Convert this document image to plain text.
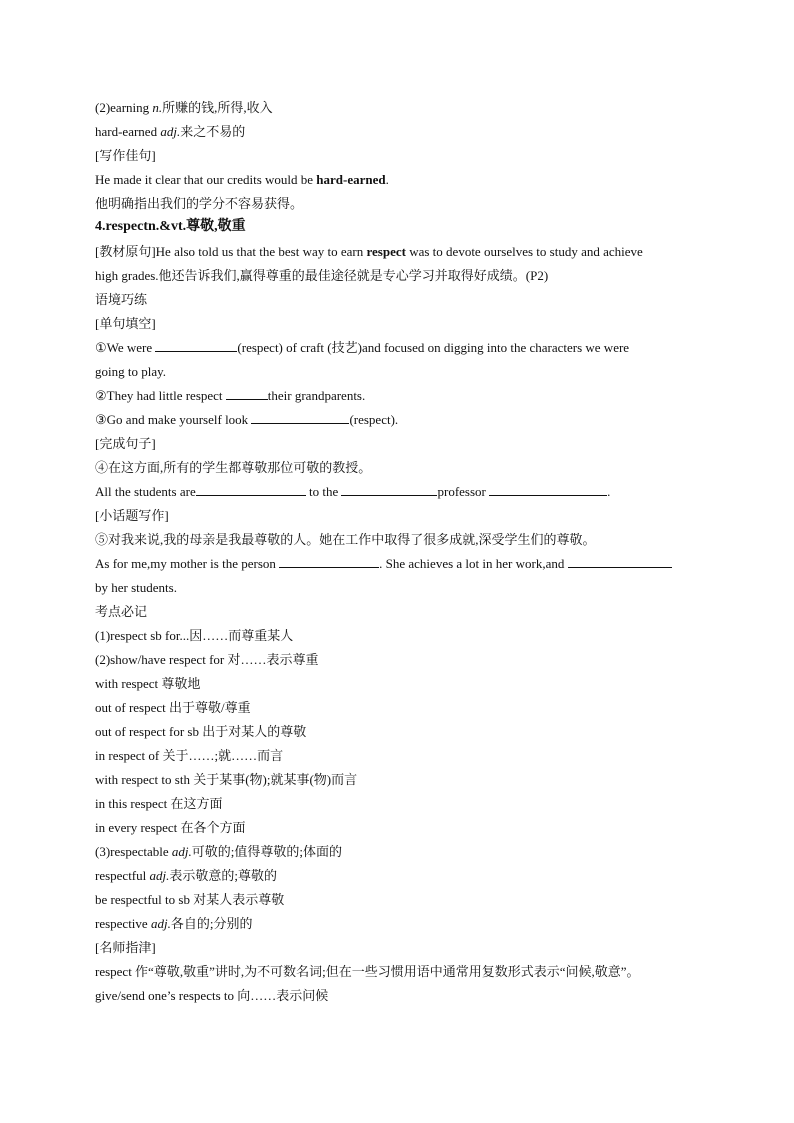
(2)earning n.所赚的钱,所得,收入
hard-earned adj.来之不易的
[写作佳句]
He made it clear that our credits would be hard-earned.
他明确指出我们的学分不容易获得。
4.respectn.&vt.尊敬,敬重
[教材原句]He also told us that the best way to earn respect was to devote ourselves to study and achieve
high grades.他还告诉我们,赢得尊重的最佳途径就是专心学习并取得好成绩。(P2)
语境巧练
[单句填空]
①We were	(respect) of craft (技艺)and focused on digging into the characters we were
going to play.
②They had little respect	their grandparents.
③Go and make yourself look	(respect).
[完成句子]
④在这方面,所有的学生都尊敬那位可敬的教授。
All the students are	to the	professor	.
[小话题写作]
⑤对我来说,我的母亲是我最尊敬的人。她在工作中取得了很多成就,深受学生们的尊敬。
As for me,my mother is the person	. She achieves a lot in her work,and
by her students.
考点必记
(1)respect sb for...因……而尊重某人
(2)show/have respect for 对……表示尊重
with respect 尊敬地
out of respect 出于尊敬/尊重
out of respect for sb 出于对某人的尊敬
in respect of 关于……;就……而言
with respect to sth 关于某事(物);就某事(物)而言
in this respect 在这方面
in every respect 在各个方面
(3)respectable adj.可敬的;值得尊敬的;体面的
respectful adj.表示敬意的;尊敬的
be respectful to sb 对某人表示尊敬
respective adj.各自的;分别的
[名师指津]
respect 作“尊敬,敬重”讲时,为不可数名词;但在一些习惯用语中通常用复数形式表示“问候,敬意”。
give/send one’s respects to 向……表示问候
